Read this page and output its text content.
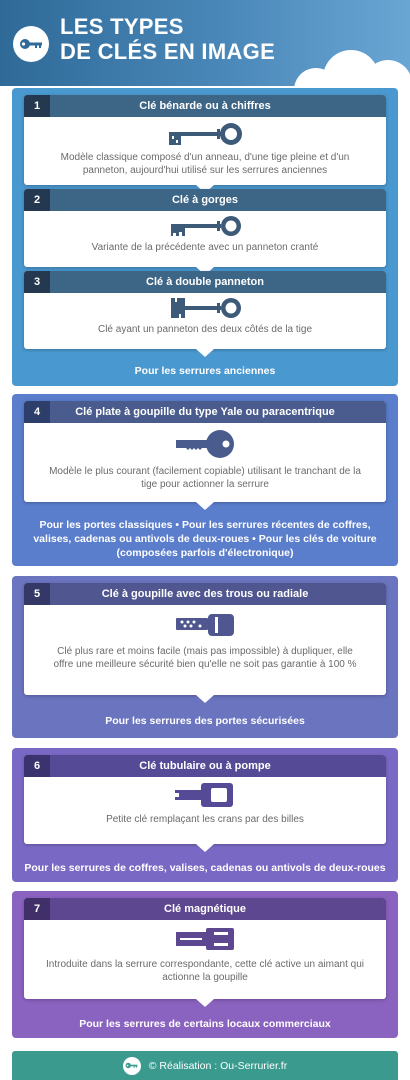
LES TYPES
DE CLÉS EN IMAGE
1	Clé bénarde ou à chiffres
Modèle classique composé d'un anneau, d'une tige pleine et d'un panneton, aujourd'hui utilisé sur les serrures anciennes
2	Clé à gorges
Variante de la précédente avec un panneton cranté
3	Clé à double panneton
Clé ayant un panneton des deux côtés de la tige
Pour les serrures anciennes
4	Clé plate à goupille du type Yale ou paracentrique
Modèle le plus courant (facilement copiable) utilisant le tranchant de la tige pour actionner la serrure
Pour les portes classiques • Pour les serrures récentes de coffres, valises, cadenas ou antivols de deux-roues • Pour les clés de voiture (composées parfois d'électronique)
5	Clé à goupille avec des trous ou radiale
Clé plus rare et moins facile (mais pas impossible) à dupliquer, elle offre une meilleure sécurité bien qu'elle ne soit pas garantie à 100 %
Pour les serrures des portes sécurisées
6	Clé tubulaire ou à pompe
Petite clé remplaçant les crans par des billes
Pour les serrures de coffres, valises, cadenas ou antivols de deux-roues
7	Clé magnétique
Introduite dans la serrure correspondante, cette clé active un aimant qui actionne la goupille
Pour les serrures de certains locaux commerciaux
© Réalisation : Ou-Serrurier.fr
